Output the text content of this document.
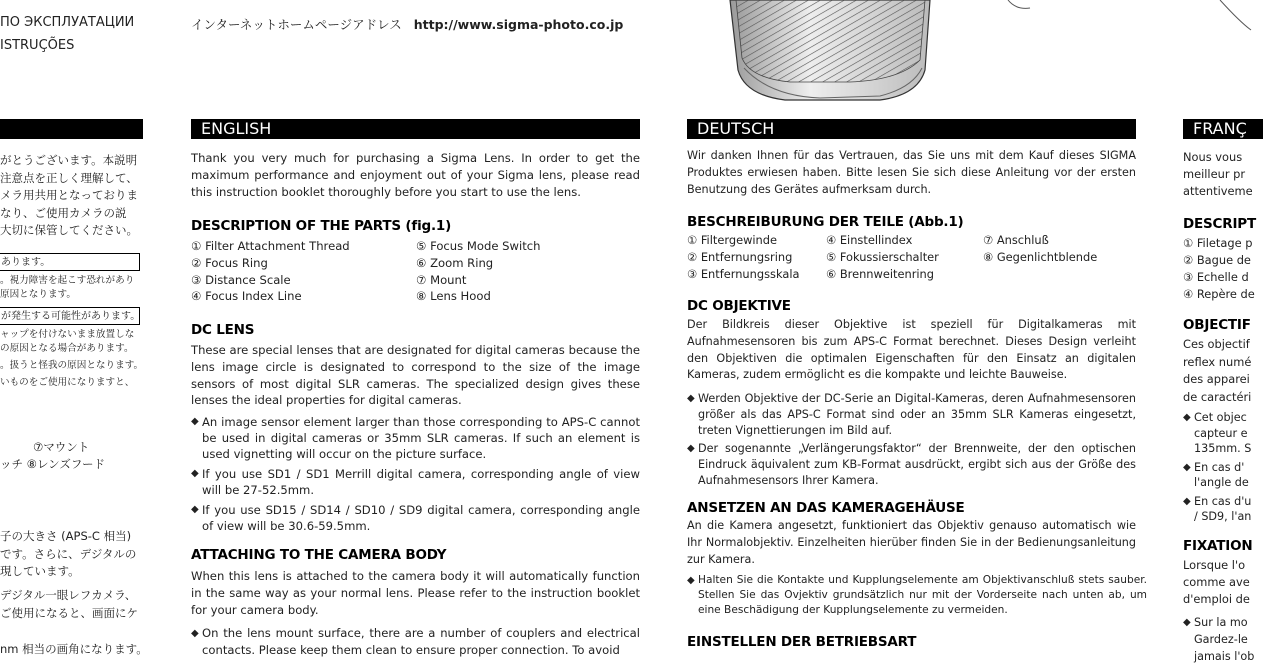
ПО ЭКСПЛУАТАЦИИ
ISTRUÇÕES
インターネットホームページアドレス http://www.sigma-photo.co.jp
がとうございます。本説明
注意点を正しく理解して、
メラ用共用となっておりま
なり、ご使用カメラの説
大切に保管してください。
あります。
。視力障害を起こす恐れがあり
原因となります。
が発生する可能性があります。
ャップを付けないまま放置しな
の原因となる場合があります。
。扱うと怪我の原因となります。
いものをご使用になりますと、
⑦マウント
ッチ ⑧レンズフード
子の大きさ (APS-C 相当)
です。さらに、デジタルの
現しています。
デジタル一眼レフカメラ、
ご使用になると、画面にケ
nm 相当の画角になります。
ENGLISH

Thank you very much for purchasing a Sigma Lens. In order to get the maximum performance and enjoyment out of your Sigma lens, please read this instruction booklet thoroughly before you start to use the lens.

DESCRIPTION OF THE PARTS (fig.1)
① Filter Attachment Thread	⑤ Focus Mode Switch
② Focus Ring	⑥ Zoom Ring
③ Distance Scale	⑦ Mount
④ Focus Index Line	⑧ Lens Hood
DC LENS

These are special lenses that are designated for digital cameras because the lens image circle is designated to correspond to the size of the image sensors of most digital SLR cameras. The specialized design gives these lenses the ideal properties for digital cameras.

◆ An image sensor element larger than those corresponding to APS-C cannot be used in digital cameras or 35mm SLR cameras. If such an element is used vignetting will occur on the picture surface.
◆ If you use SD1 / SD1 Merrill digital camera, corresponding angle of view will be 27-52.5mm.
◆ If you use SD15 / SD14 / SD10 / SD9 digital camera, corresponding angle of view will be 30.6-59.5mm.
ATTACHING TO THE CAMERA BODY

When this lens is attached to the camera body it will automatically function in the same way as your normal lens. Please refer to the instruction booklet for your camera body.

◆ On the lens mount surface, there are a number of couplers and electrical contacts. Please keep them clean to ensure proper connection. To avoid
DEUTSCH

Wir danken Ihnen für das Vertrauen, das Sie uns mit dem Kauf dieses SIGMA Produktes erwiesen haben. Bitte lesen Sie sich diese Anleitung vor der ersten Benutzung des Gerätes aufmerksam durch.

BESCHREIBURUNG DER TEILE (Abb.1)
① Filtergewinde	④ Einstellindex	⑦ Anschluß
② Entfernungsring	⑤ Fokussierschalter	⑧ Gegenlichtblende
③ Entfernungsskala	⑥ Brennweitenring
DC OBJEKTIVE

Der Bildkreis dieser Objektive ist speziell für Digitalkameras mit Aufnahmesensoren bis zum APS-C Format berechnet. Dieses Design verleiht den Objektiven die optimalen Eigenschaften für den Einsatz an digitalen Kameras, zudem ermöglicht es die kompakte und leichte Bauweise.

◆ Werden Objektive der DC-Serie an Digital-Kameras, deren Aufnahmesensoren größer als das APS-C Format sind oder an 35mm SLR Kameras eingesetzt, treten Vignettierungen im Bild auf.
◆ Der sogenannte „Verlängerungsfaktor“ der Brennweite, der den optischen Eindruck äquivalent zum KB-Format ausdrückt, ergibt sich aus der Größe des Aufnahmesensors Ihrer Kamera.
ANSETZEN AN DAS KAMERAGEHÄUSE

An die Kamera angesetzt, funktioniert das Objektiv genauso automatisch wie Ihr Normalobjektiv. Einzelheiten hierüber finden Sie in der Bedienungsanleitung zur Kamera.

◆ Halten Sie die Kontakte und Kupplungselemente am Objektivanschluß stets sauber. Stellen Sie das Ovjektiv grundsätzlich nur mit der Vorderseite nach unten ab, um eine Beschädigung der Kupplungselemente zu vermeiden.
EINSTELLEN DER BETRIEBSART
FRANÇ
Nous vous
meilleur pr
attentiveme
DESCRIPT
① Filetage p
② Bague de
③ Echelle d
④ Repère de
OBJECTIF
Ces objectif
reflex numé
des apparei
de caractéri
◆ Cet objec
capteur e
135mm. S
◆ En cas d'
l'angle de
◆ En cas d'u
/ SD9, l'an
FIXATION
Lorsque l'o
comme ave
d'emploi de
◆ Sur la mo
Gardez-le
jamais l'ob
